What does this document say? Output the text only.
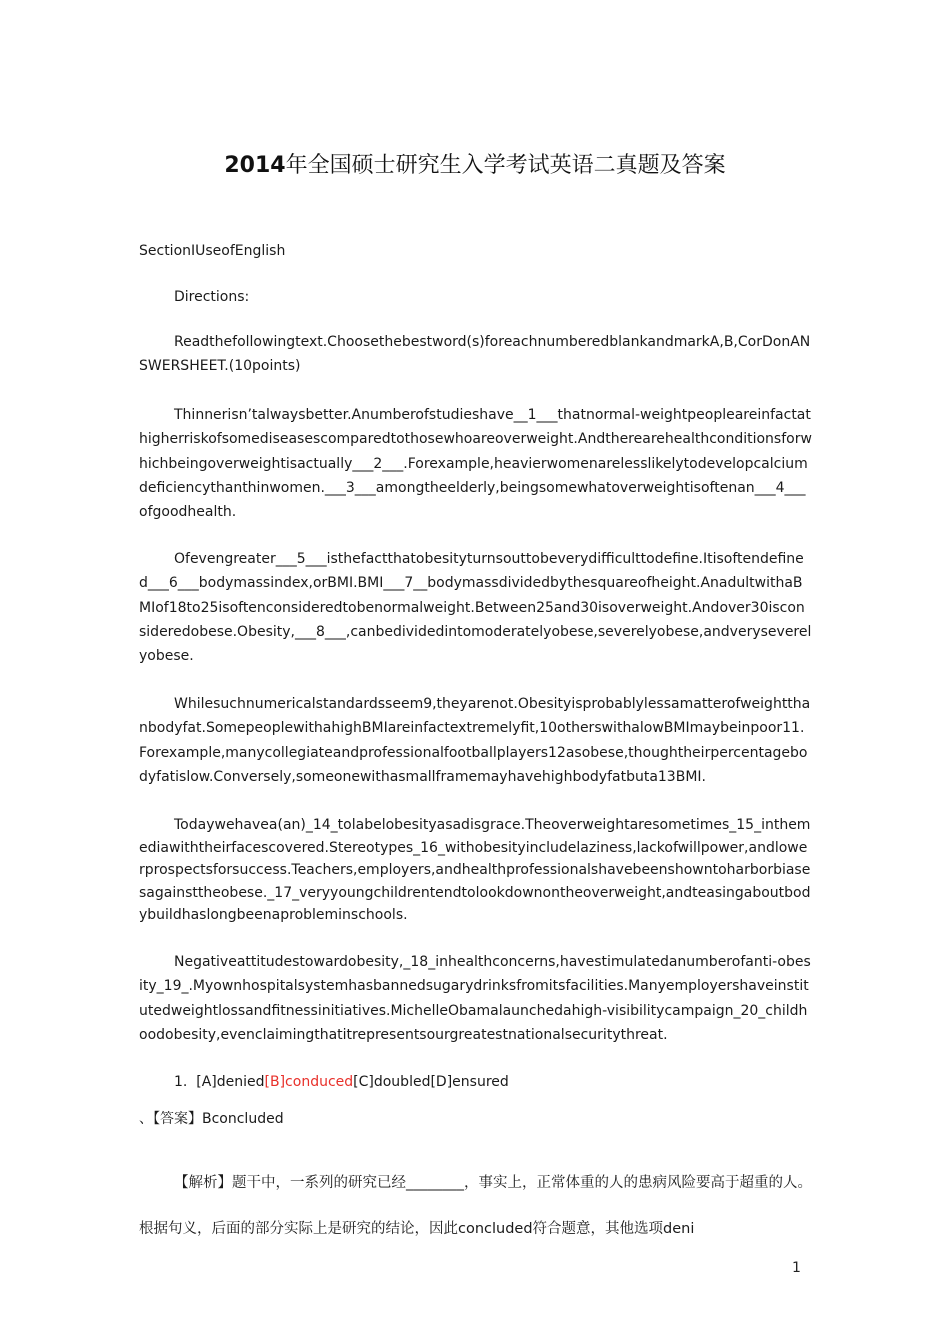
2014年全国硕士研究生入学考试英语二真题及答案
SectionIUseofEnglish
Directions:
Readthefollowingtext.Choosethebestword(s)foreachnumberedblankandmarkA,B,CorDonANSWERSHEET.(10points)
Thinnerisn’talwaysbetter.Anumberofstudieshave__1___thatnormal-weightpeopleareinfactathigherriskofsomediseasescomparedtothosewhoareoverweight.Andtherearehealthconditionsforwhichbeingoverweightisactually___2___.Forexample,heavierwomenarelesslikelytodevelopcalciumdeficiencythanthinwomen.___3___amongtheelderly,beingsomewhatoverweightisoftenan___4___ofgoodhealth.
Ofevengreater___5___isthefactthatobesityturnsouttobeverydifficulttodefine.Itisoftendefined___6___bodymassindex,orBMI.BMI___7__bodymassdividedbythesquareofheight.AnadultwithaBMIof18to25isoftenconsideredtobenormalweight.Between25and30isoverweight.Andover30isconsideredobese.Obesity,___8___,canbedividedintomoderatelyobese,severelyobese,andveryseverelyobese.
Whilesuchnumericalstandardsseem9,theyarenot.Obesityisprobablylessamatterofweightthanbodyfat.SomepeoplewithahighBMIareinfactextremelyfit,10otherswithalowBMImaybeinpoor11.Forexample,manycollegiateandprofessionalfootballplayers12asobese,thoughtheirpercentagebodyfatislow.Conversely,someonewithasmallframemayhavehighbodyfatbuta13BMI.
Todaywehavea(an)_14_tolabelobesityasadisgrace.Theoverweightaresometimes_15_inthemediawiththeirfacescovered.Stereotypes_16_withobesityincludelaziness,lackofwillpower,andlowerprospectsforsuccess.Teachers,employers,andhealthprofessionalshavebeenshowntoharborbiasesagainsttheobese._17_veryyoungchildrentendtolookdownontheoverweight,andteasingaboutbodybuildhaslongbeenaprobleminschools.
Negativeattitudestowardobesity,_18_inhealthconcerns,havestimulatedanumberofanti-obesity_19_.Myownhospitalsystemhasbannedsugarydrinksfromitsfacilities.Manyemployershaveinstitutedweightlossandfitnessinitiatives.MichelleObamalaunchedahigh-visibilitycampaign_20_childhoodobesity,evenclaimingthatitrepresentsourgreatestnationalsecuritythreat.
1. [A]denied[B]conduced[C]doubled[D]ensured
、【答案】Bconcluded
【解析】题干中，一系列的研究已经________，事实上，正常体重的人的患病风险要高于超重的人。根据句义，后面的部分实际上是研究的结论，因此concluded符合题意，其他选项deni
1
